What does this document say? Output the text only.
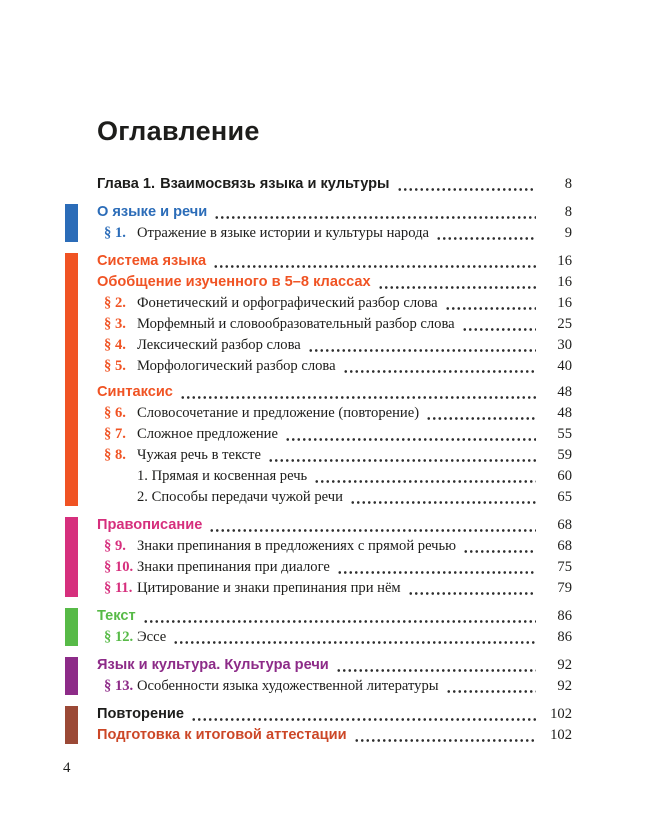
Оглавление
Глава 1. Взаимосвязь языка и культуры	8
О языке и речи	8
§ 1. Отражение в языке истории и культуры народа	9
Система языка	16
Обобщение изученного в 5–8 классах	16
§ 2. Фонетический и орфографический разбор слова	16
§ 3. Морфемный и словообразовательный разбор слова	25
§ 4. Лексический разбор слова	30
§ 5. Морфологический разбор слова	40
Синтаксис	48
§ 6. Словосочетание и предложение (повторение)	48
§ 7. Сложное предложение	55
§ 8. Чужая речь в тексте	59
1. Прямая и косвенная речь	60
2. Способы передачи чужой речи	65
Правописание	68
§ 9. Знаки препинания в предложениях с прямой речью	68
§ 10. Знаки препинания при диалоге	75
§ 11. Цитирование и знаки препинания при нём	79
Текст	86
§ 12. Эссе	86
Язык и культура. Культура речи	92
§ 13. Особенности языка художественной литературы	92
Повторение	102
Подготовка к итоговой аттестации	102
4
